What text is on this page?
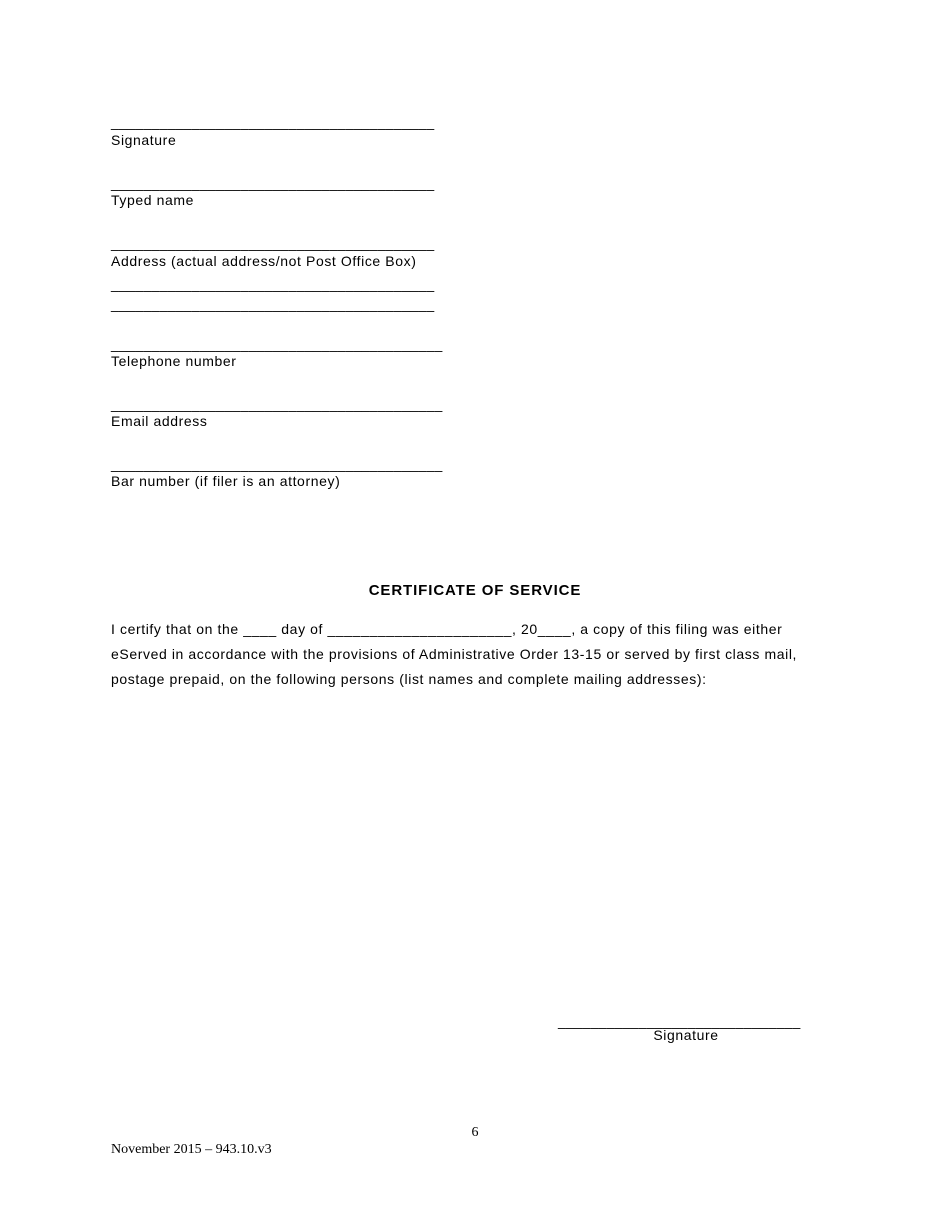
________________________________________
Signature
________________________________________
Typed name
________________________________________
Address (actual address/not Post Office Box)
________________________________________
________________________________________
_________________________________________
Telephone number
_________________________________________
Email address
_________________________________________
Bar number (if filer is an attorney)
CERTIFICATE OF SERVICE
I certify that on the ____ day of ______________________, 20____, a copy of this filing was either
eServed in accordance with the provisions of Administrative Order 13-15 or served by first class mail,
postage prepaid, on the following persons (list names and complete mailing addresses):
______________________________
Signature
6
November 2015 – 943.10.v3
